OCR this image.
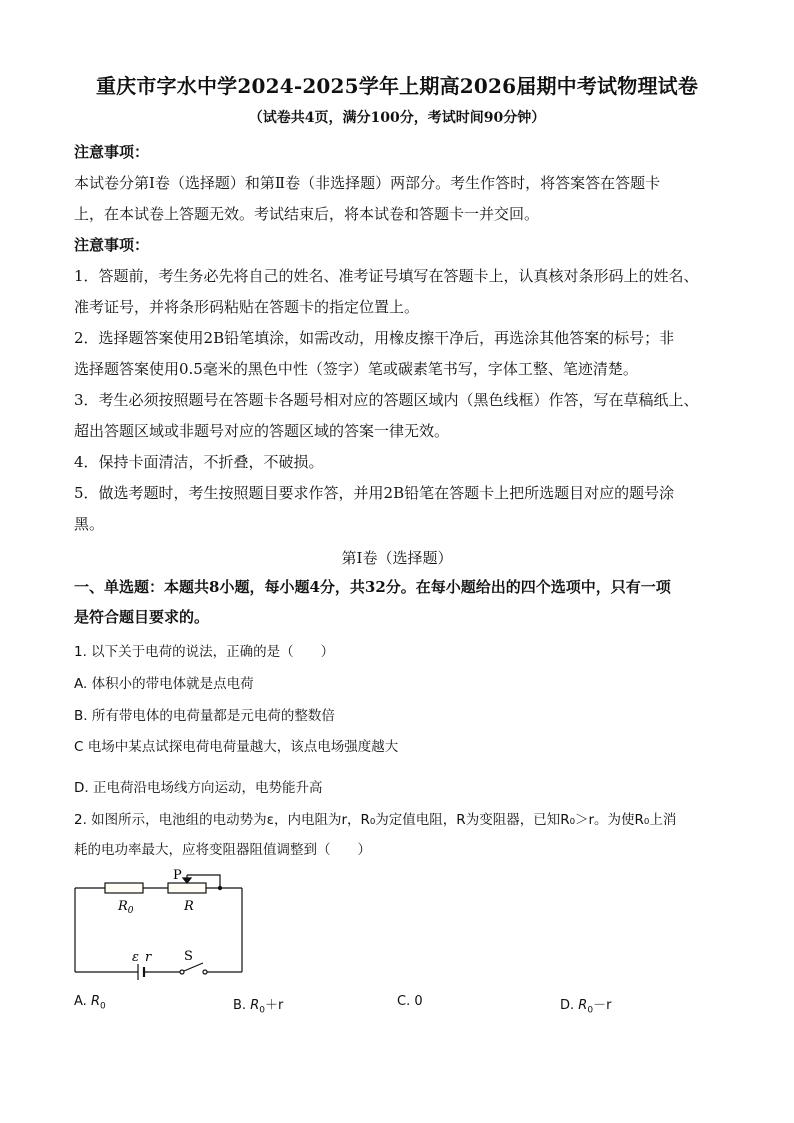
重庆市字水中学2024-2025学年上期高2026届期中考试物理试卷
（试卷共4页，满分100分，考试时间90分钟）
注意事项：
本试卷分第Ⅰ卷（选择题）和第Ⅱ卷（非选择题）两部分。考生作答时，将答案答在答题卡
上，在本试卷上答题无效。考试结束后，将本试卷和答题卡一并交回。
注意事项：
1．答题前，考生务必先将自己的姓名、准考证号填写在答题卡上，认真核对条形码上的姓名、
准考证号，并将条形码粘贴在答题卡的指定位置上。
2．选择题答案使用2B铅笔填涂，如需改动，用橡皮擦干净后，再选涂其他答案的标号；非
选择题答案使用0.5毫米的黑色中性（签字）笔或碳素笔书写，字体工整、笔迹清楚。
3．考生必须按照题号在答题卡各题号相对应的答题区域内（黑色线框）作答，写在草稿纸上、
超出答题区域或非题号对应的答题区域的答案一律无效。
4．保持卡面清洁，不折叠，不破损。
5．做选考题时，考生按照题目要求作答，并用2B铅笔在答题卡上把所选题目对应的题号涂
黑。
第Ⅰ卷（选择题）
一、单选题：本题共8小题，每小题4分，共32分。在每小题给出的四个选项中，只有一项
是符合题目要求的。
1. 以下关于电荷的说法，正确的是（　　）
A. 体积小的带电体就是点电荷
B. 所有带电体的电荷量都是元电荷的整数倍
C 电场中某点试探电荷电荷量越大，该点电场强度越大
D. 正电荷沿电场线方向运动，电势能升高
2. 如图所示，电池组的电动势为ε，内电阻为r，R₀为定值电阻，R为变阻器，已知R₀＞r。为使R₀上消
耗的电功率最大，应将变阻器阻值调整到（　　）
P
$R_0$	R
ε r	S
A. $R_0$	B. $R_0+r$	C. 0	D. $R_0-r$
